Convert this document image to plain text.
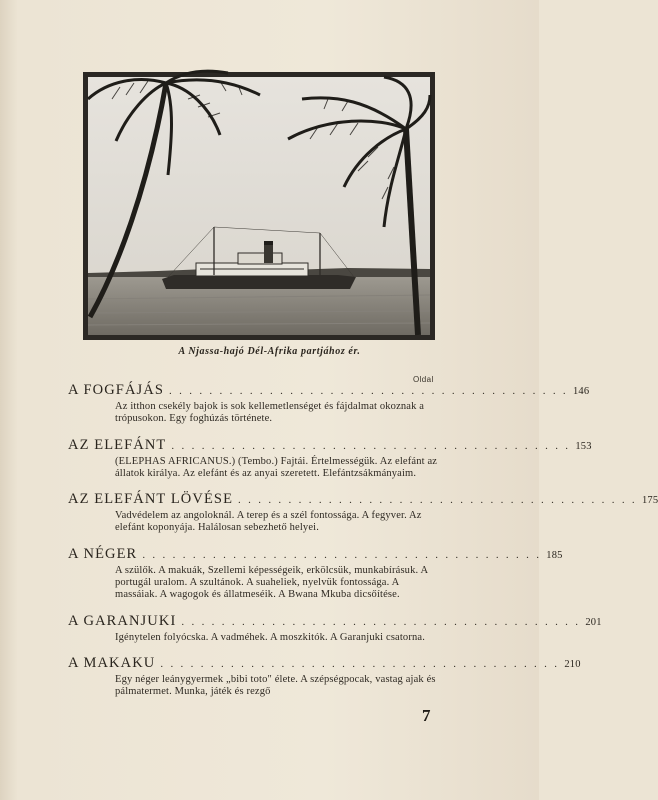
A Njassa-hajó Dél-Afrika partjához ér.
Oldal
A FOGFÁJÁS . . . . . . . . . . . . . . . . . . . . . . . . . . . . . . . . . . . . . . . . 146
Az itthon csekély bajok is sok kellemetlenséget és fájdalmat okoznak a trópusokon. Egy foghúzás története.
AZ ELEFÁNT . . . . . . . . . . . . . . . . . . . . . . . . . . . . . . . . . . . . . . . . 153
(ELEPHAS AFRICANUS.) (Tembo.) Fajtái. Értelmességük. Az elefánt az állatok királya. Az elefánt és az anyai szeretett. Elefántzsákmányaim.
AZ ELEFÁNT LÖVÉSE . . . . . . . . . . . . . . . . . . . . . . . . . . . . . . . . . . . . . . . . 175
Vadvédelem az angoloknál. A terep és a szél fontossága. A fegyver. Az elefánt koponyája. Halálosan sebezhető helyei.
A NÉGER . . . . . . . . . . . . . . . . . . . . . . . . . . . . . . . . . . . . . . . . 185
A szülők. A makuák, Szellemi képességeik, erkölcsük, munkabírásuk. A portugál uralom. A szultánok. A suaheliek, nyelvük fontossága. A massáiak. A wagogok és állatmeséik. A Bwana Mkuba dicsőítése.
A GARANJUKI . . . . . . . . . . . . . . . . . . . . . . . . . . . . . . . . . . . . . . . . 201
Igénytelen folyócska. A vadméhek. A moszkitók. A Garanjuki csatorna.
A MAKAKU . . . . . . . . . . . . . . . . . . . . . . . . . . . . . . . . . . . . . . . . 210
Egy néger leánygyermek „bibi toto" élete. A szépségpocak, vastag ajak és pálmatermet. Munka, játék és rezgő
7
